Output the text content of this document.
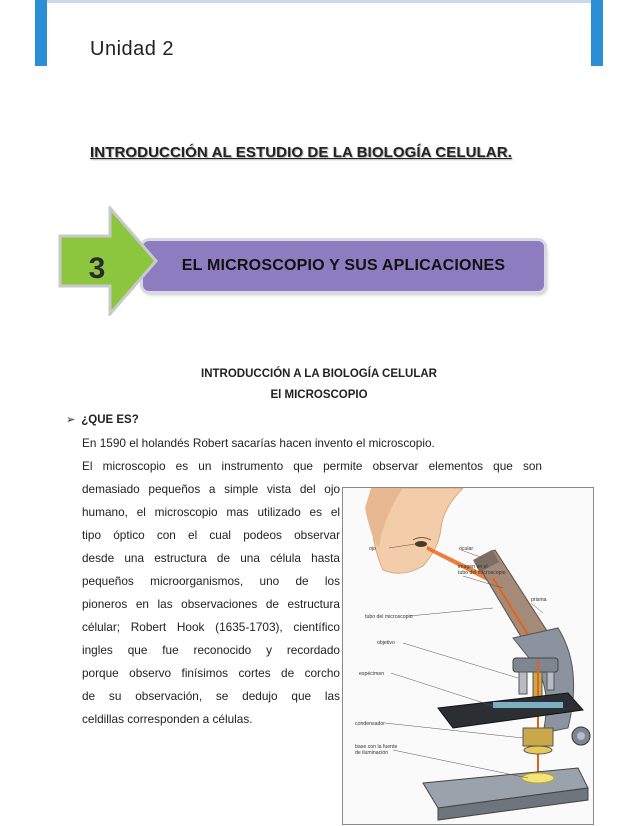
Unidad 2
INTRODUCCIÓN AL ESTUDIO DE LA BIOLOGÍA CELULAR.
EL MICROSCOPIO Y SUS APLICACIONES
3
INTRODUCCIÓN A LA BIOLOGÍA CELULAR
El MICROSCOPIO
➢ ¿QUE ES?
En 1590 el holandés Robert sacarías hacen invento el microscopio.
El microscopio es un instrumento que permite observar elementos que son
demasiado pequeños a simple vista del ojo
humano, el microscopio mas utilizado es el
tipo óptico con el cual podeos observar
desde una estructura de una célula hasta
pequeños microorganismos, uno de los
pioneros en las observaciones de estructura
célular; Robert Hook (1635-1703), científico
ingles que fue reconocido y recordado
porque observo finísimos cortes de corcho
de su observación, se dedujo que las
celdillas corresponden a células.
ojo	ocular
imagen en el
tubo del microscopio
prisma
tubo del microscopio
objetivo
espécimen
condensador
base con la fuente
de iluminación
